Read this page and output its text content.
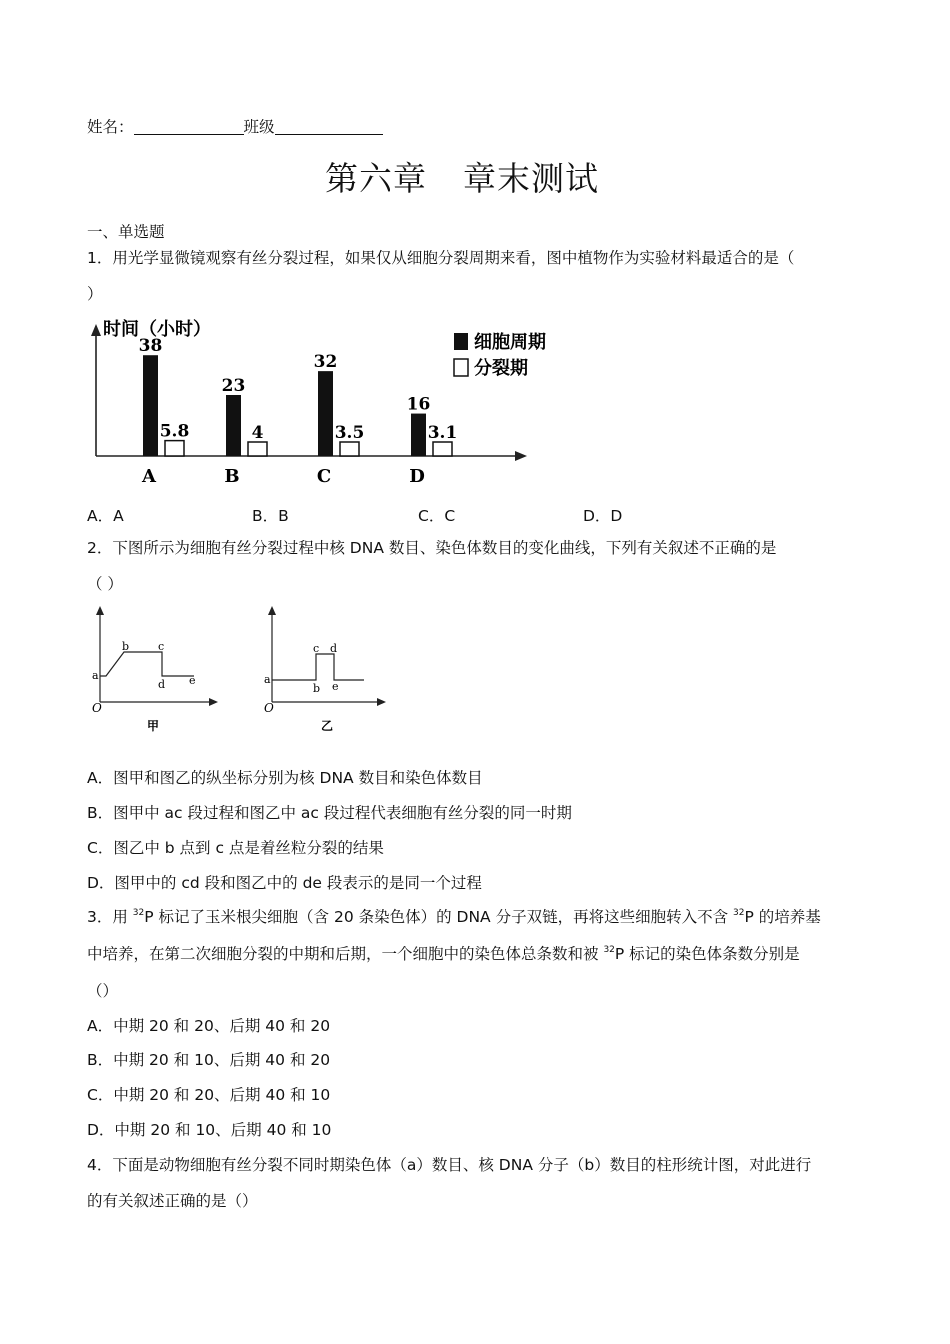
姓名：	班级
第六章 章末测试
一、单选题
1．用光学显微镜观察有丝分裂过程，如果仅从细胞分裂周期来看，图中植物作为实验材料最适合的是（
）
时间（小时）
细胞周期
分裂期
38
5.8
A
23
4
B
32
3.5
C
16
3.1
D
A．A	B．B	C．C	D．D
2．下图所示为细胞有丝分裂过程中核 DNA 数目、染色体数目的变化曲线，下列有关叙述不正确的是
（ ）
a
b	c
d e
O
甲
a
b
c d
e
O
乙
A．图甲和图乙的纵坐标分别为核 DNA 数目和染色体数目
B．图甲中 ac 段过程和图乙中 ac 段过程代表细胞有丝分裂的同一时期
C．图乙中 b 点到 c 点是着丝粒分裂的结果
D．图甲中的 cd 段和图乙中的 de 段表示的是同一个过程
3．用 $^{32}$P 标记了玉米根尖细胞（含 20 条染色体）的 DNA 分子双链，再将这些细胞转入不含 $^{32}$P 的培养基
中培养，在第二次细胞分裂的中期和后期，一个细胞中的染色体总条数和被 $^{32}$P 标记的染色体条数分别是
（）
A．中期 20 和 20、后期 40 和 20
B．中期 20 和 10、后期 40 和 20
C．中期 20 和 20、后期 40 和 10
D．中期 20 和 10、后期 40 和 10
4．下面是动物细胞有丝分裂不同时期染色体（a）数目、核 DNA 分子（b）数目的柱形统计图，对此进行
的有关叙述正确的是（）
